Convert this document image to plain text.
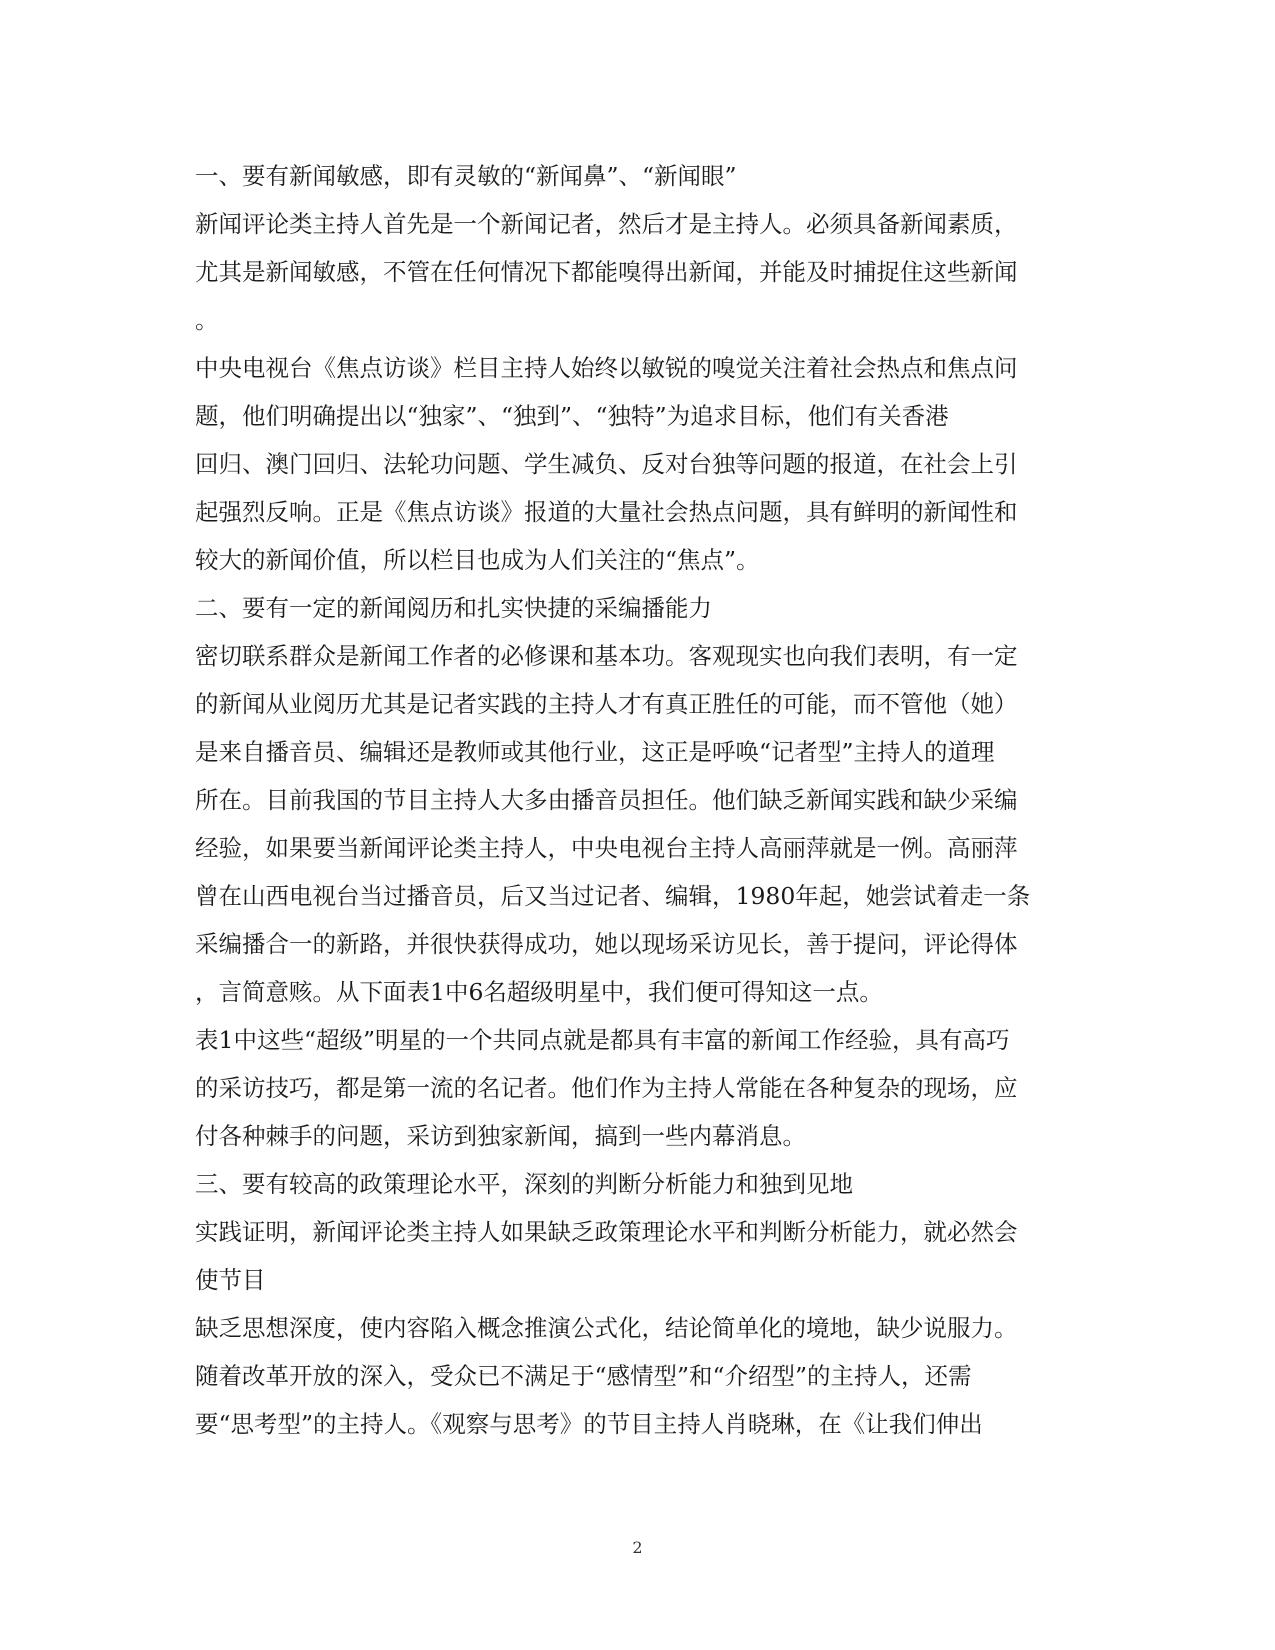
一、要有新闻敏感，即有灵敏的“新闻鼻”、“新闻眼”
新闻评论类主持人首先是一个新闻记者，然后才是主持人。必须具备新闻素质，
尤其是新闻敏感，不管在任何情况下都能嗅得出新闻，并能及时捕捉住这些新闻
。
中央电视台《焦点访谈》栏目主持人始终以敏锐的嗅觉关注着社会热点和焦点问
题，他们明确提出以“独家”、“独到”、“独特”为追求目标，他们有关香港
回归、澳门回归、法轮功问题、学生减负、反对台独等问题的报道，在社会上引
起强烈反响。正是《焦点访谈》报道的大量社会热点问题，具有鲜明的新闻性和
较大的新闻价值，所以栏目也成为人们关注的“焦点”。
二、要有一定的新闻阅历和扎实快捷的采编播能力
密切联系群众是新闻工作者的必修课和基本功。客观现实也向我们表明，有一定
的新闻从业阅历尤其是记者实践的主持人才有真正胜任的可能，而不管他（她）
是来自播音员、编辑还是教师或其他行业，这正是呼唤“记者型”主持人的道理
所在。目前我国的节目主持人大多由播音员担任。他们缺乏新闻实践和缺少采编
经验，如果要当新闻评论类主持人，中央电视台主持人高丽萍就是一例。高丽萍
曾在山西电视台当过播音员，后又当过记者、编辑，1980年起，她尝试着走一条
采编播合一的新路，并很快获得成功，她以现场采访见长，善于提问，评论得体
，言简意赅。从下面表1中6名超级明星中，我们便可得知这一点。
表1中这些“超级”明星的一个共同点就是都具有丰富的新闻工作经验，具有高巧
的采访技巧，都是第一流的名记者。他们作为主持人常能在各种复杂的现场，应
付各种棘手的问题，采访到独家新闻，搞到一些内幕消息。
三、要有较高的政策理论水平，深刻的判断分析能力和独到见地
实践证明，新闻评论类主持人如果缺乏政策理论水平和判断分析能力，就必然会
使节目
缺乏思想深度，使内容陷入概念推演公式化，结论简单化的境地，缺少说服力。
随着改革开放的深入，受众已不满足于“感情型”和“介绍型”的主持人，还需
要“思考型”的主持人。《观察与思考》的节目主持人肖晓琳，在《让我们伸出
2
